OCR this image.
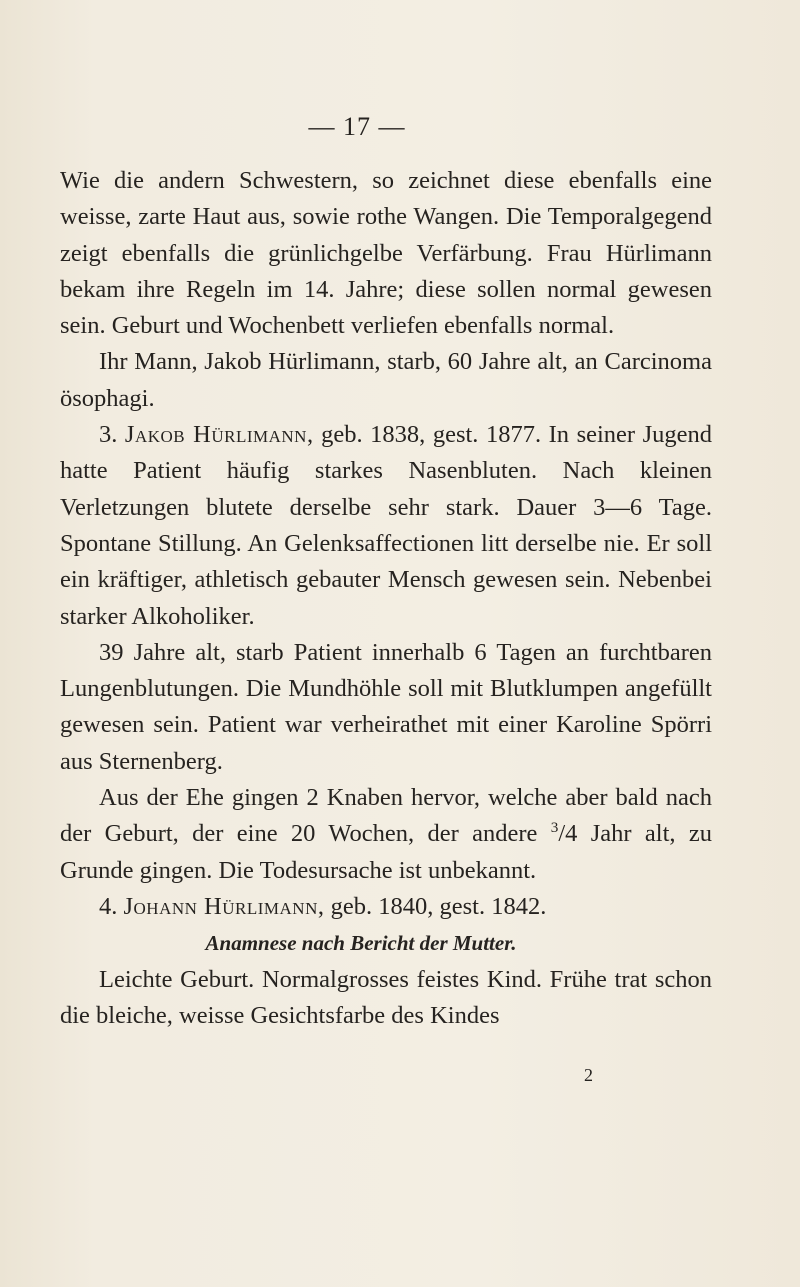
— 17 —

Wie die andern Schwestern, so zeichnet diese ebenfalls eine weisse, zarte Haut aus, sowie rothe Wangen. Die Temporalgegend zeigt ebenfalls die grünlichgelbe Verfärbung. Frau Hürlimann bekam ihre Regeln im 14. Jahre; diese sollen normal gewesen sein. Geburt und Wochenbett verliefen ebenfalls normal.

Ihr Mann, Jakob Hürlimann, starb, 60 Jahre alt, an Carcinoma ösophagi.

3. Jakob Hürlimann, geb. 1838, gest. 1877. In seiner Jugend hatte Patient häufig starkes Nasenbluten. Nach kleinen Verletzungen blutete derselbe sehr stark. Dauer 3—6 Tage. Spontane Stillung. An Gelenksaffectionen litt derselbe nie. Er soll ein kräftiger, athletisch gebauter Mensch gewesen sein. Nebenbei starker Alkoholiker.

39 Jahre alt, starb Patient innerhalb 6 Tagen an furchtbaren Lungenblutungen. Die Mundhöhle soll mit Blutklumpen angefüllt gewesen sein. Patient war verheirathet mit einer Karoline Spörri aus Sternenberg.

Aus der Ehe gingen 2 Knaben hervor, welche aber bald nach der Geburt, der eine 20 Wochen, der andere $^3$/4 Jahr alt, zu Grunde gingen. Die Todesursache ist unbekannt.

4. Johann Hürlimann, geb. 1840, gest. 1842.

Anamnese nach Bericht der Mutter.

Leichte Geburt. Normalgrosses feistes Kind. Frühe trat schon die bleiche, weisse Gesichtsfarbe des Kindes

2
